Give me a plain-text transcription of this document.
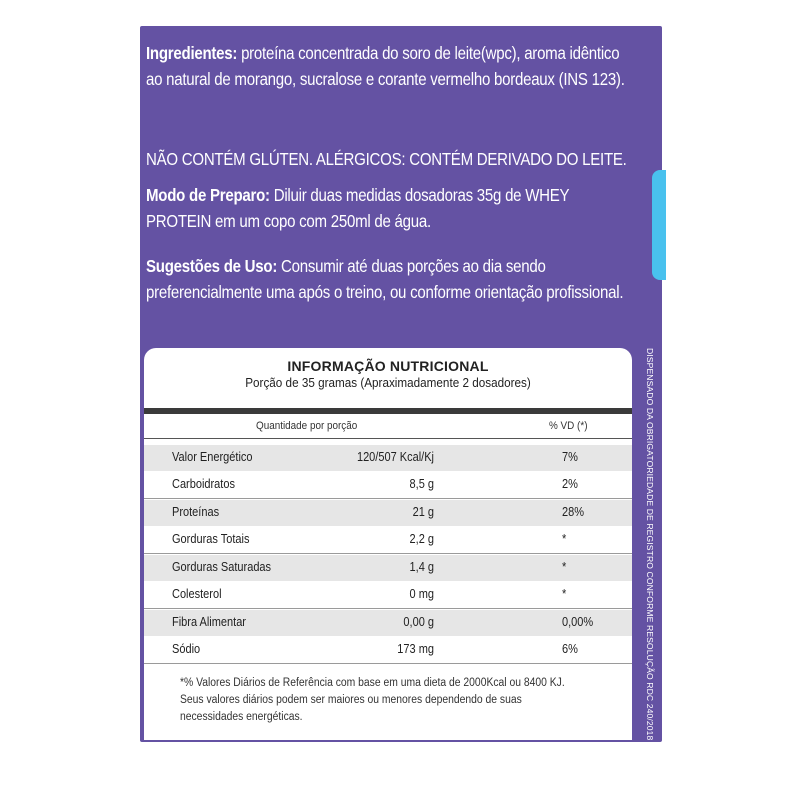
Ingredientes: proteína concentrada do soro de leite(wpc), aroma idêntico ao natural de morango, sucralose e corante vermelho bordeaux (INS 123).
NÃO CONTÉM GLÚTEN. ALÉRGICOS: CONTÉM DERIVADO DO LEITE.
Modo de Preparo: Diluir duas medidas dosadoras 35g de WHEY PROTEIN em um copo com 250ml de água.
Sugestões de Uso: Consumir até duas porções ao dia sendo preferencialmente uma após o treino, ou conforme orientação profissional.
INFORMAÇÃO NUTRICIONAL
Porção de 35 gramas (Apraximadamente 2 dosadores)
Quantidade por porção	% VD (*)
Valor Energético	120/507 Kcal/Kj	7%
Carboidratos	8,5 g	2%
Proteínas	21 g	28%
Gorduras Totais	2,2 g	*
Gorduras Saturadas	1,4 g	*
Colesterol	0 mg	*
Fibra Alimentar	0,00 g	0,00%
Sódio	173 mg	6%
*% Valores Diários de Referência com base em uma dieta de 2000Kcal ou 8400 KJ.
Seus valores diários podem ser maiores ou menores dependendo de suas necessidades energéticas.	DISPENSADO DA OBRIGATORIEDADE DE REGISTRO CONFORME RESOLUÇÃO RDC 240/2018
